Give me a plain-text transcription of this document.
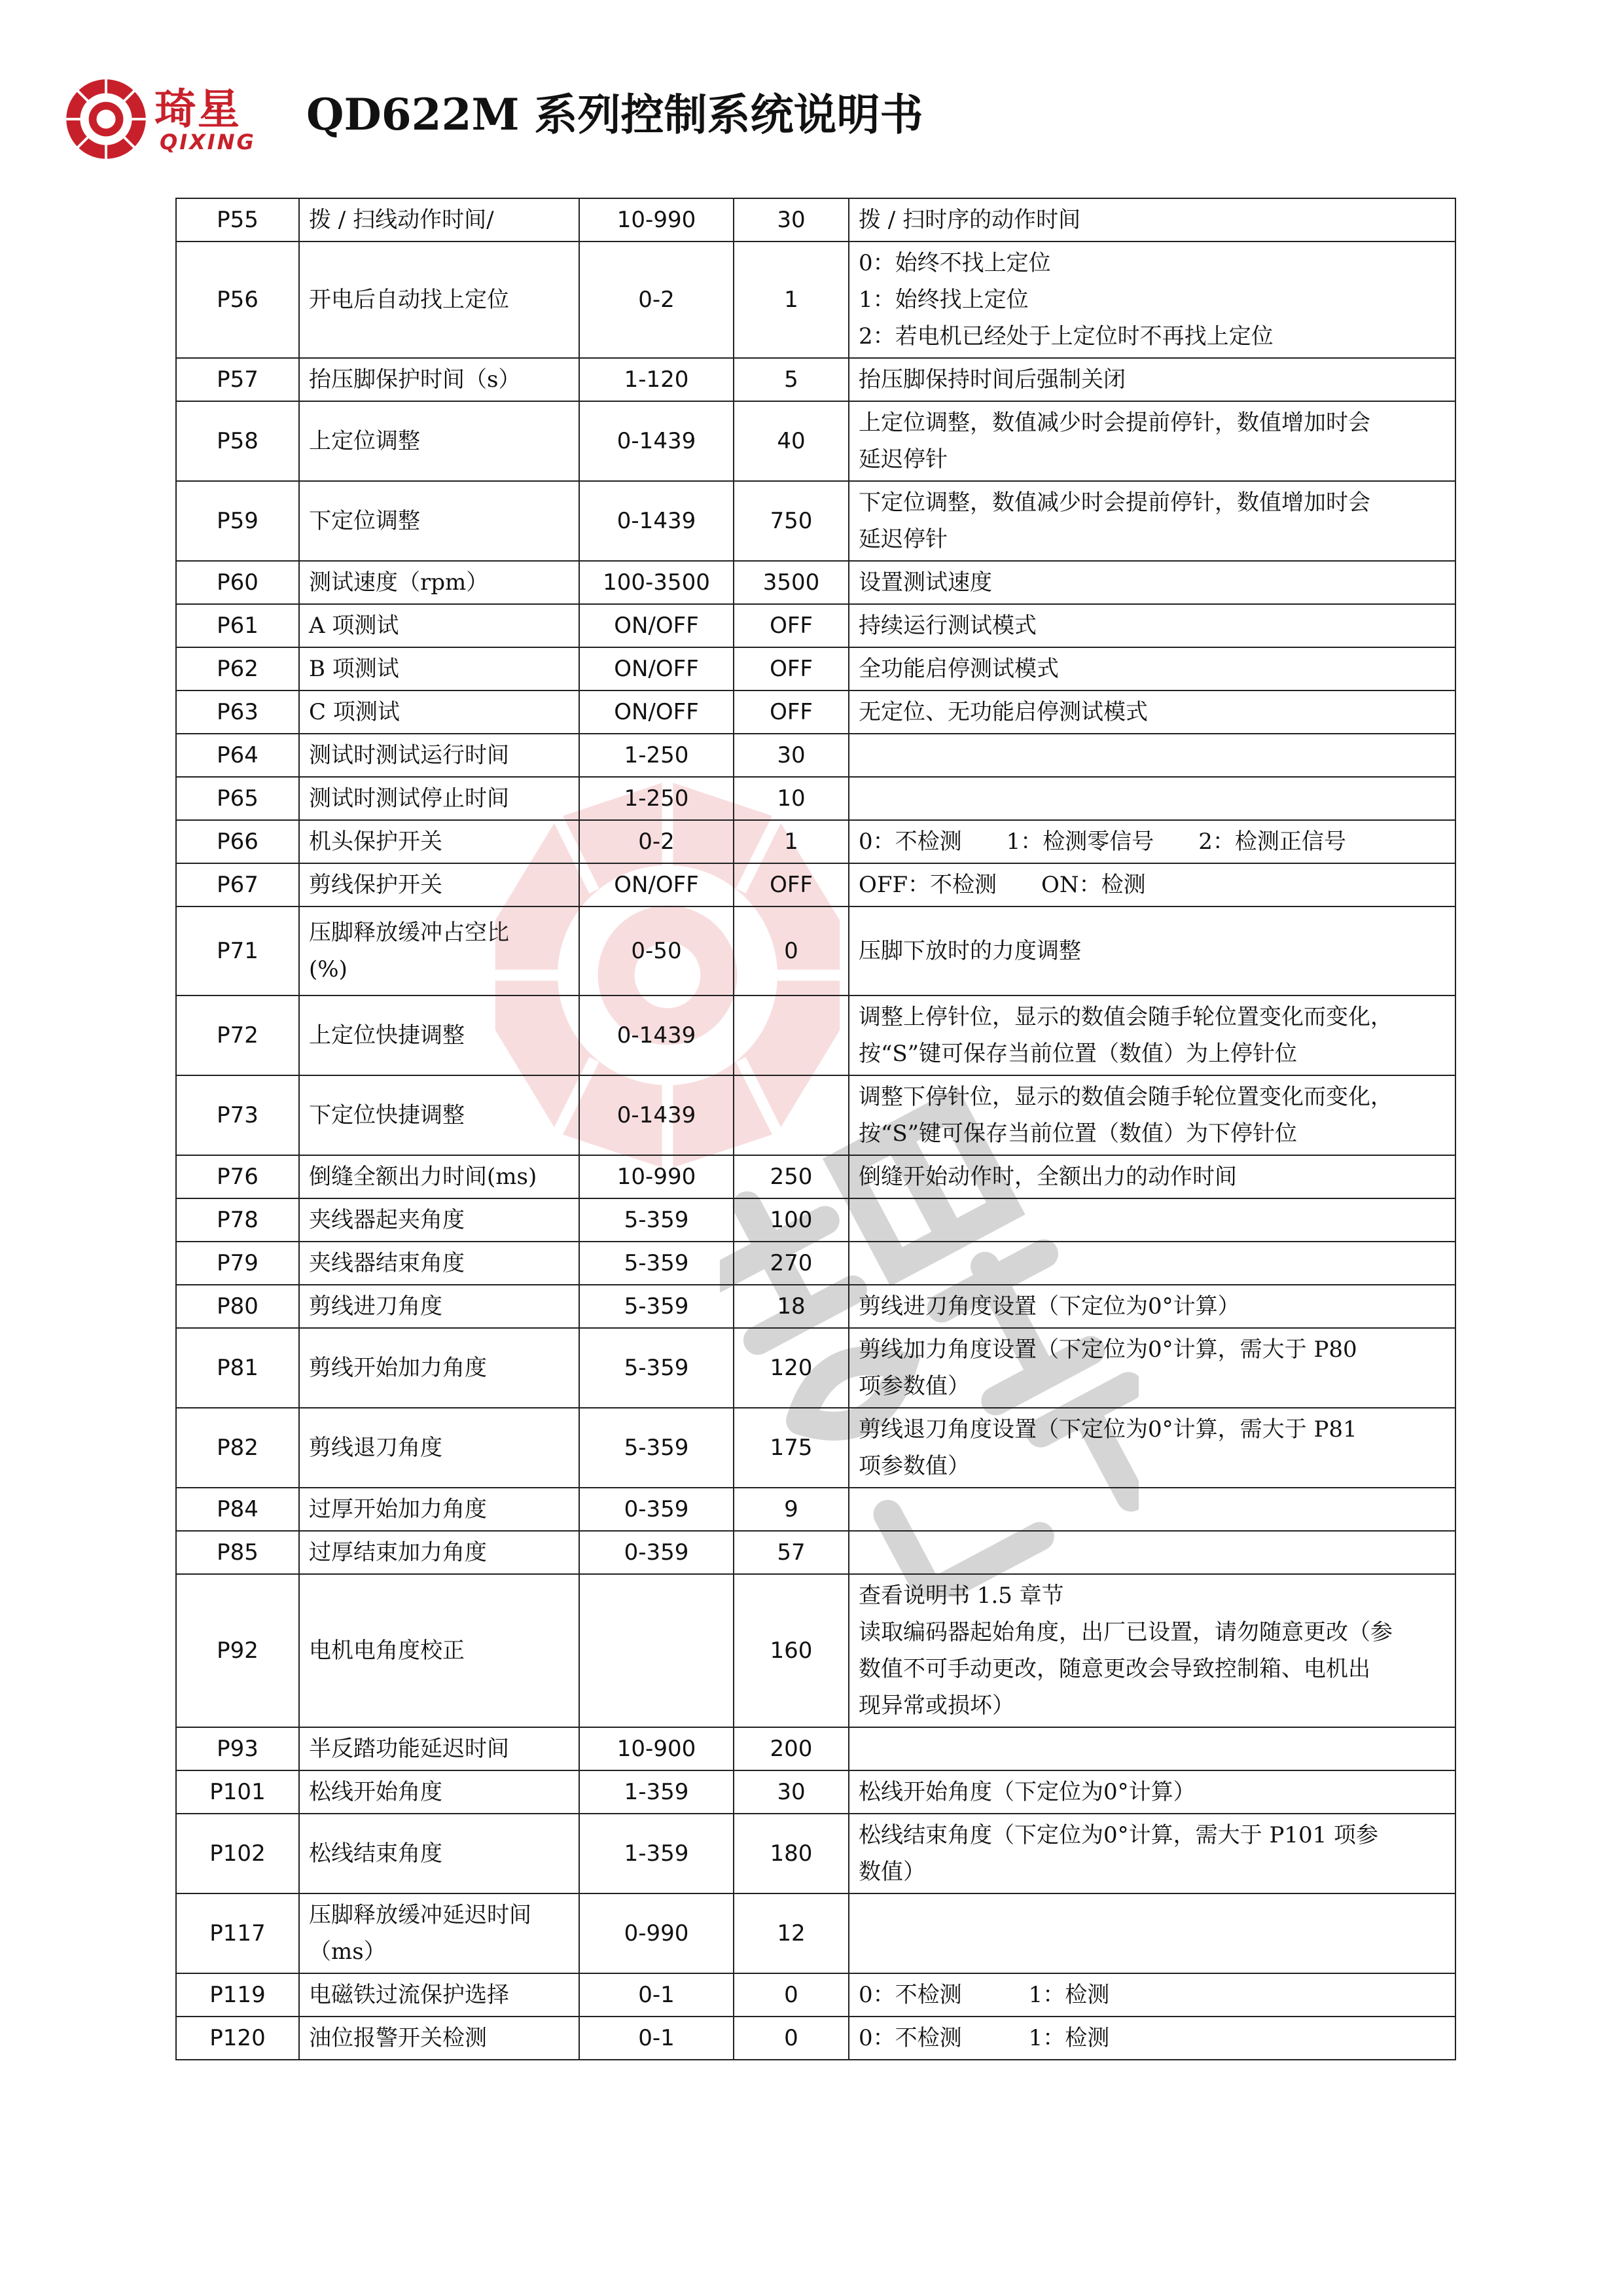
琦星
QIXING
QD622M 系列控制系统说明书
P55	拨 / 扫线动作时间/	10-990	30	拨 / 扫时序的动作时间
P56	开电后自动找上定位	0-2	1	0：始终不找上定位
1：始终找上定位
2：若电机已经处于上定位时不再找上定位
P57	抬压脚保护时间（s）	1-120	5	抬压脚保持时间后强制关闭
P58	上定位调整	0-1439	40	上定位调整，数值减少时会提前停针，数值增加时会
延迟停针
P59	下定位调整	0-1439	750	下定位调整，数值减少时会提前停针，数值增加时会
延迟停针
P60	测试速度（rpm）	100-3500	3500	设置测试速度
P61	A 项测试	ON/OFF	OFF	持续运行测试模式
P62	B 项测试	ON/OFF	OFF	全功能启停测试模式
P63	C 项测试	ON/OFF	OFF	无定位、无功能启停测试模式
P64	测试时测试运行时间	1-250	30	
P65	测试时测试停止时间	1-250	10	
P66	机头保护开关	0-2	1	0：不检测　　1：检测零信号　　2：检测正信号
P67	剪线保护开关	ON/OFF	OFF	OFF：不检测　　ON：检测
P71	压脚释放缓冲占空比
(%)	0-50	0	压脚下放时的力度调整
P72	上定位快捷调整	0-1439		调整上停针位，显示的数值会随手轮位置变化而变化，
按“S”键可保存当前位置（数值）为上停针位
P73	下定位快捷调整	0-1439		调整下停针位，显示的数值会随手轮位置变化而变化，
按“S”键可保存当前位置（数值）为下停针位
P76	倒缝全额出力时间(ms)	10-990	250	倒缝开始动作时，全额出力的动作时间
P78	夹线器起夹角度	5-359	100	
P79	夹线器结束角度	5-359	270	
P80	剪线进刀角度	5-359	18	剪线进刀角度设置（下定位为0°计算）
P81	剪线开始加力角度	5-359	120	剪线加力角度设置（下定位为0°计算，需大于 P80
项参数值）
P82	剪线退刀角度	5-359	175	剪线退刀角度设置（下定位为0°计算，需大于 P81
项参数值）
P84	过厚开始加力角度	0-359	9	
P85	过厚结束加力角度	0-359	57	
P92	电机电角度校正		160	查看说明书 1.5 章节
读取编码器起始角度，出厂已设置，请勿随意更改（参
数值不可手动更改，随意更改会导致控制箱、电机出
现异常或损坏）
P93	半反踏功能延迟时间	10-900	200	
P101	松线开始角度	1-359	30	松线开始角度（下定位为0°计算）
P102	松线结束角度	1-359	180	松线结束角度（下定位为0°计算，需大于 P101 项参
数值）
P117	压脚释放缓冲延迟时间
（ms）	0-990	12	
P119	电磁铁过流保护选择	0-1	0	0：不检测　　　1：检测
P120	油位报警开关检测	0-1	0	0：不检测　　　1：检测
